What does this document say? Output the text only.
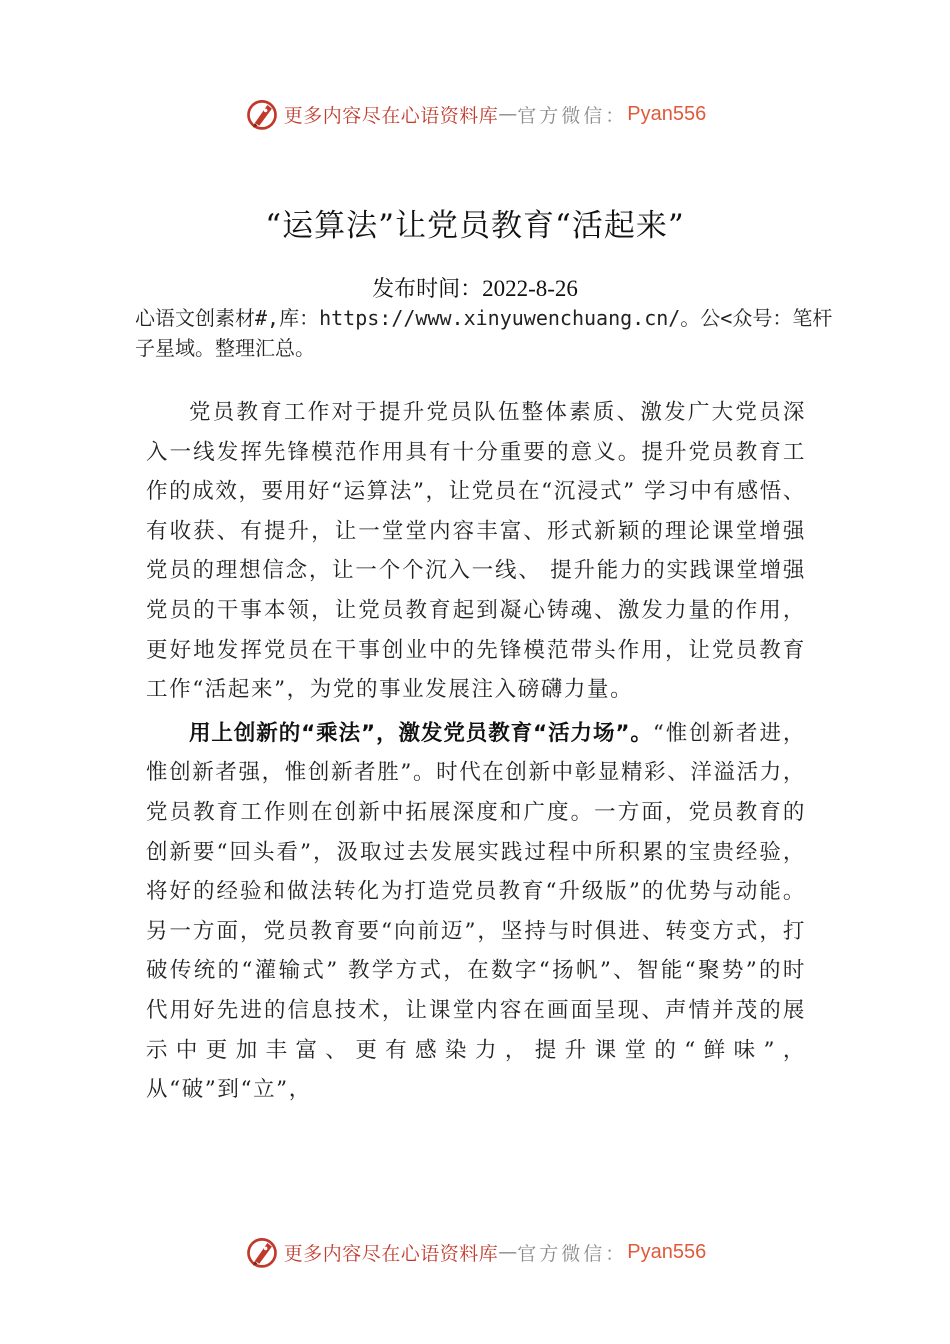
更多内容尽在心语资料库 — 官方微信： Pyan556
“运算法”让党员教育“活起来”
发布时间：2022-8-26
心语文创素材#,库：https://www.xinyuwenchuang.cn/。公<众号：笔杆子星域。整理汇总。

党员教育工作对于提升党员队伍整体素质、激发广大党员深入一线发挥先锋模范作用具有十分重要的意义。提升党员教育工作的成效，要用好“运算法”，让党员在“沉浸式” 学习中有感悟、有收获、有提升，让一堂堂内容丰富、形式新颖的理论课堂增强党员的理想信念，让一个个沉入一线、 提升能力的实践课堂增强党员的干事本领，让党员教育起到凝心铸魂、激发力量的作用，更好地发挥党员在干事创业中的先锋模范带头作用，让党员教育工作“活起来”，为党的事业发展注入磅礴力量。

用上创新的“乘法”，激发党员教育“活力场”。“惟创新者进，惟创新者强，惟创新者胜”。时代在创新中彰显精彩、洋溢活力，党员教育工作则在创新中拓展深度和广度。一方面，党员教育的创新要“回头看”，汲取过去发展实践过程中所积累的宝贵经验，将好的经验和做法转化为打造党员教育“升级版”的优势与动能。另一方面，党员教育要“向前迈”，坚持与时俱进、转变方式，打破传统的“灌输式” 教学方式，在数字“扬帆”、智能“聚势”的时代用好先进的信息技术，让课堂内容在画面呈现、声情并茂的展示中更加丰富、更有感染力，提升课堂的“鲜味”，从“破”到“立”，

更多内容尽在心语资料库 — 官方微信： Pyan556
